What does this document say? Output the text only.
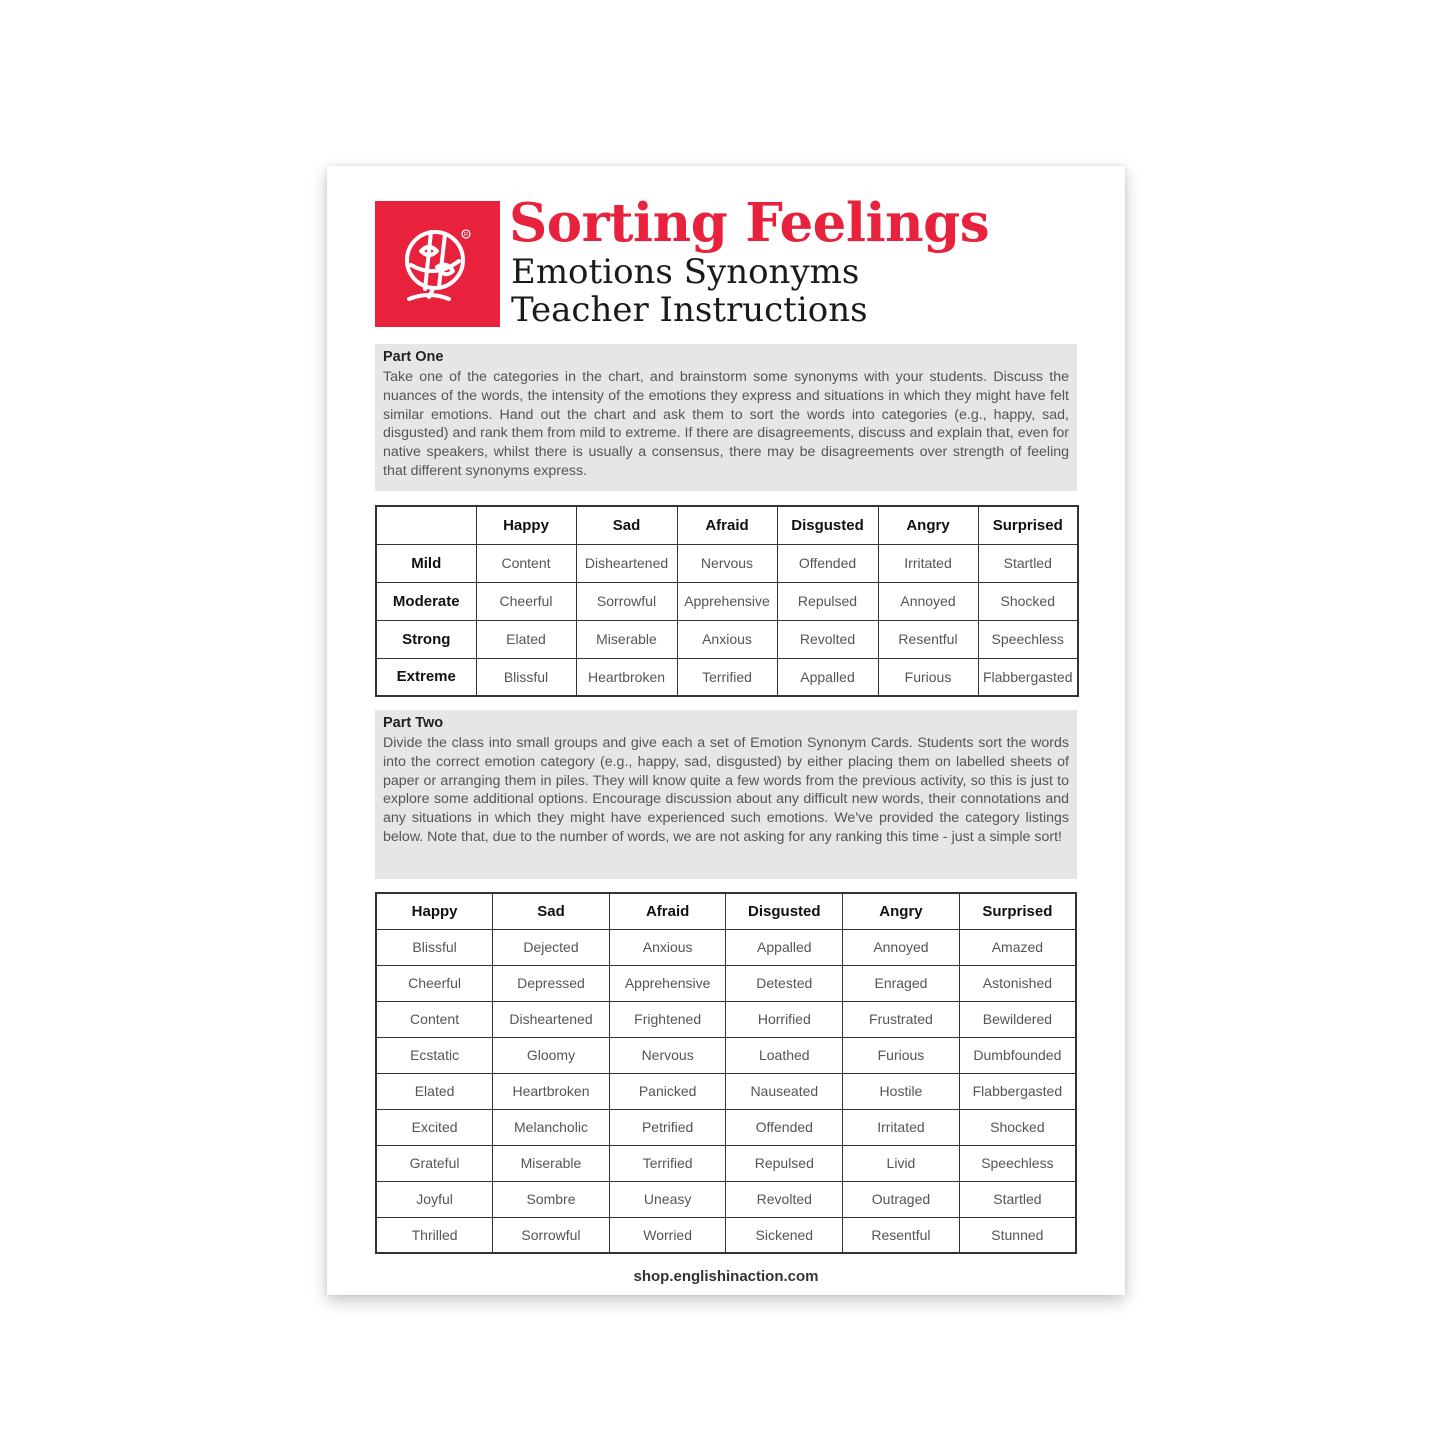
R Sorting Feelings
Emotions Synonyms
Teacher Instructions
Part One

Take one of the categories in the chart, and brainstorm some synonyms with your students. Discuss the nuances of the words, the intensity of the emotions they express and situations in which they might have felt similar emotions. Hand out the chart and ask them to sort the words into categories (e.g., happy, sad, disgusted) and rank them from mild to extreme. If there are disagreements, discuss and explain that, even for native speakers, whilst there is usually a consensus, there may be disagreements over strength of feeling that different synonyms express.

	Happy	Sad	Afraid	Disgusted	Angry	Surprised
Mild	Content	Disheartened	Nervous	Offended	Irritated	Startled
Moderate	Cheerful	Sorrowful	Apprehensive	Repulsed	Annoyed	Shocked
Strong	Elated	Miserable	Anxious	Revolted	Resentful	Speechless
Extreme	Blissful	Heartbroken	Terrified	Appalled	Furious	Flabbergasted
Part Two

Divide the class into small groups and give each a set of Emotion Synonym Cards. Students sort the words into the correct emotion category (e.g., happy, sad, disgusted) by either placing them on labelled sheets of paper or arranging them in piles. They will know quite a few words from the previous activity, so this is just to explore some additional options. Encourage discussion about any difficult new words, their connotations and any situations in which they might have experienced such emotions. We've provided the category listings below. Note that, due to the number of words, we are not asking for any ranking this time - just a simple sort!

Happy	Sad	Afraid	Disgusted	Angry	Surprised
Blissful	Dejected	Anxious	Appalled	Annoyed	Amazed
Cheerful	Depressed	Apprehensive	Detested	Enraged	Astonished
Content	Disheartened	Frightened	Horrified	Frustrated	Bewildered
Ecstatic	Gloomy	Nervous	Loathed	Furious	Dumbfounded
Elated	Heartbroken	Panicked	Nauseated	Hostile	Flabbergasted
Excited	Melancholic	Petrified	Offended	Irritated	Shocked
Grateful	Miserable	Terrified	Repulsed	Livid	Speechless
Joyful	Sombre	Uneasy	Revolted	Outraged	Startled
Thrilled	Sorrowful	Worried	Sickened	Resentful	Stunned
shop.englishinaction.com
